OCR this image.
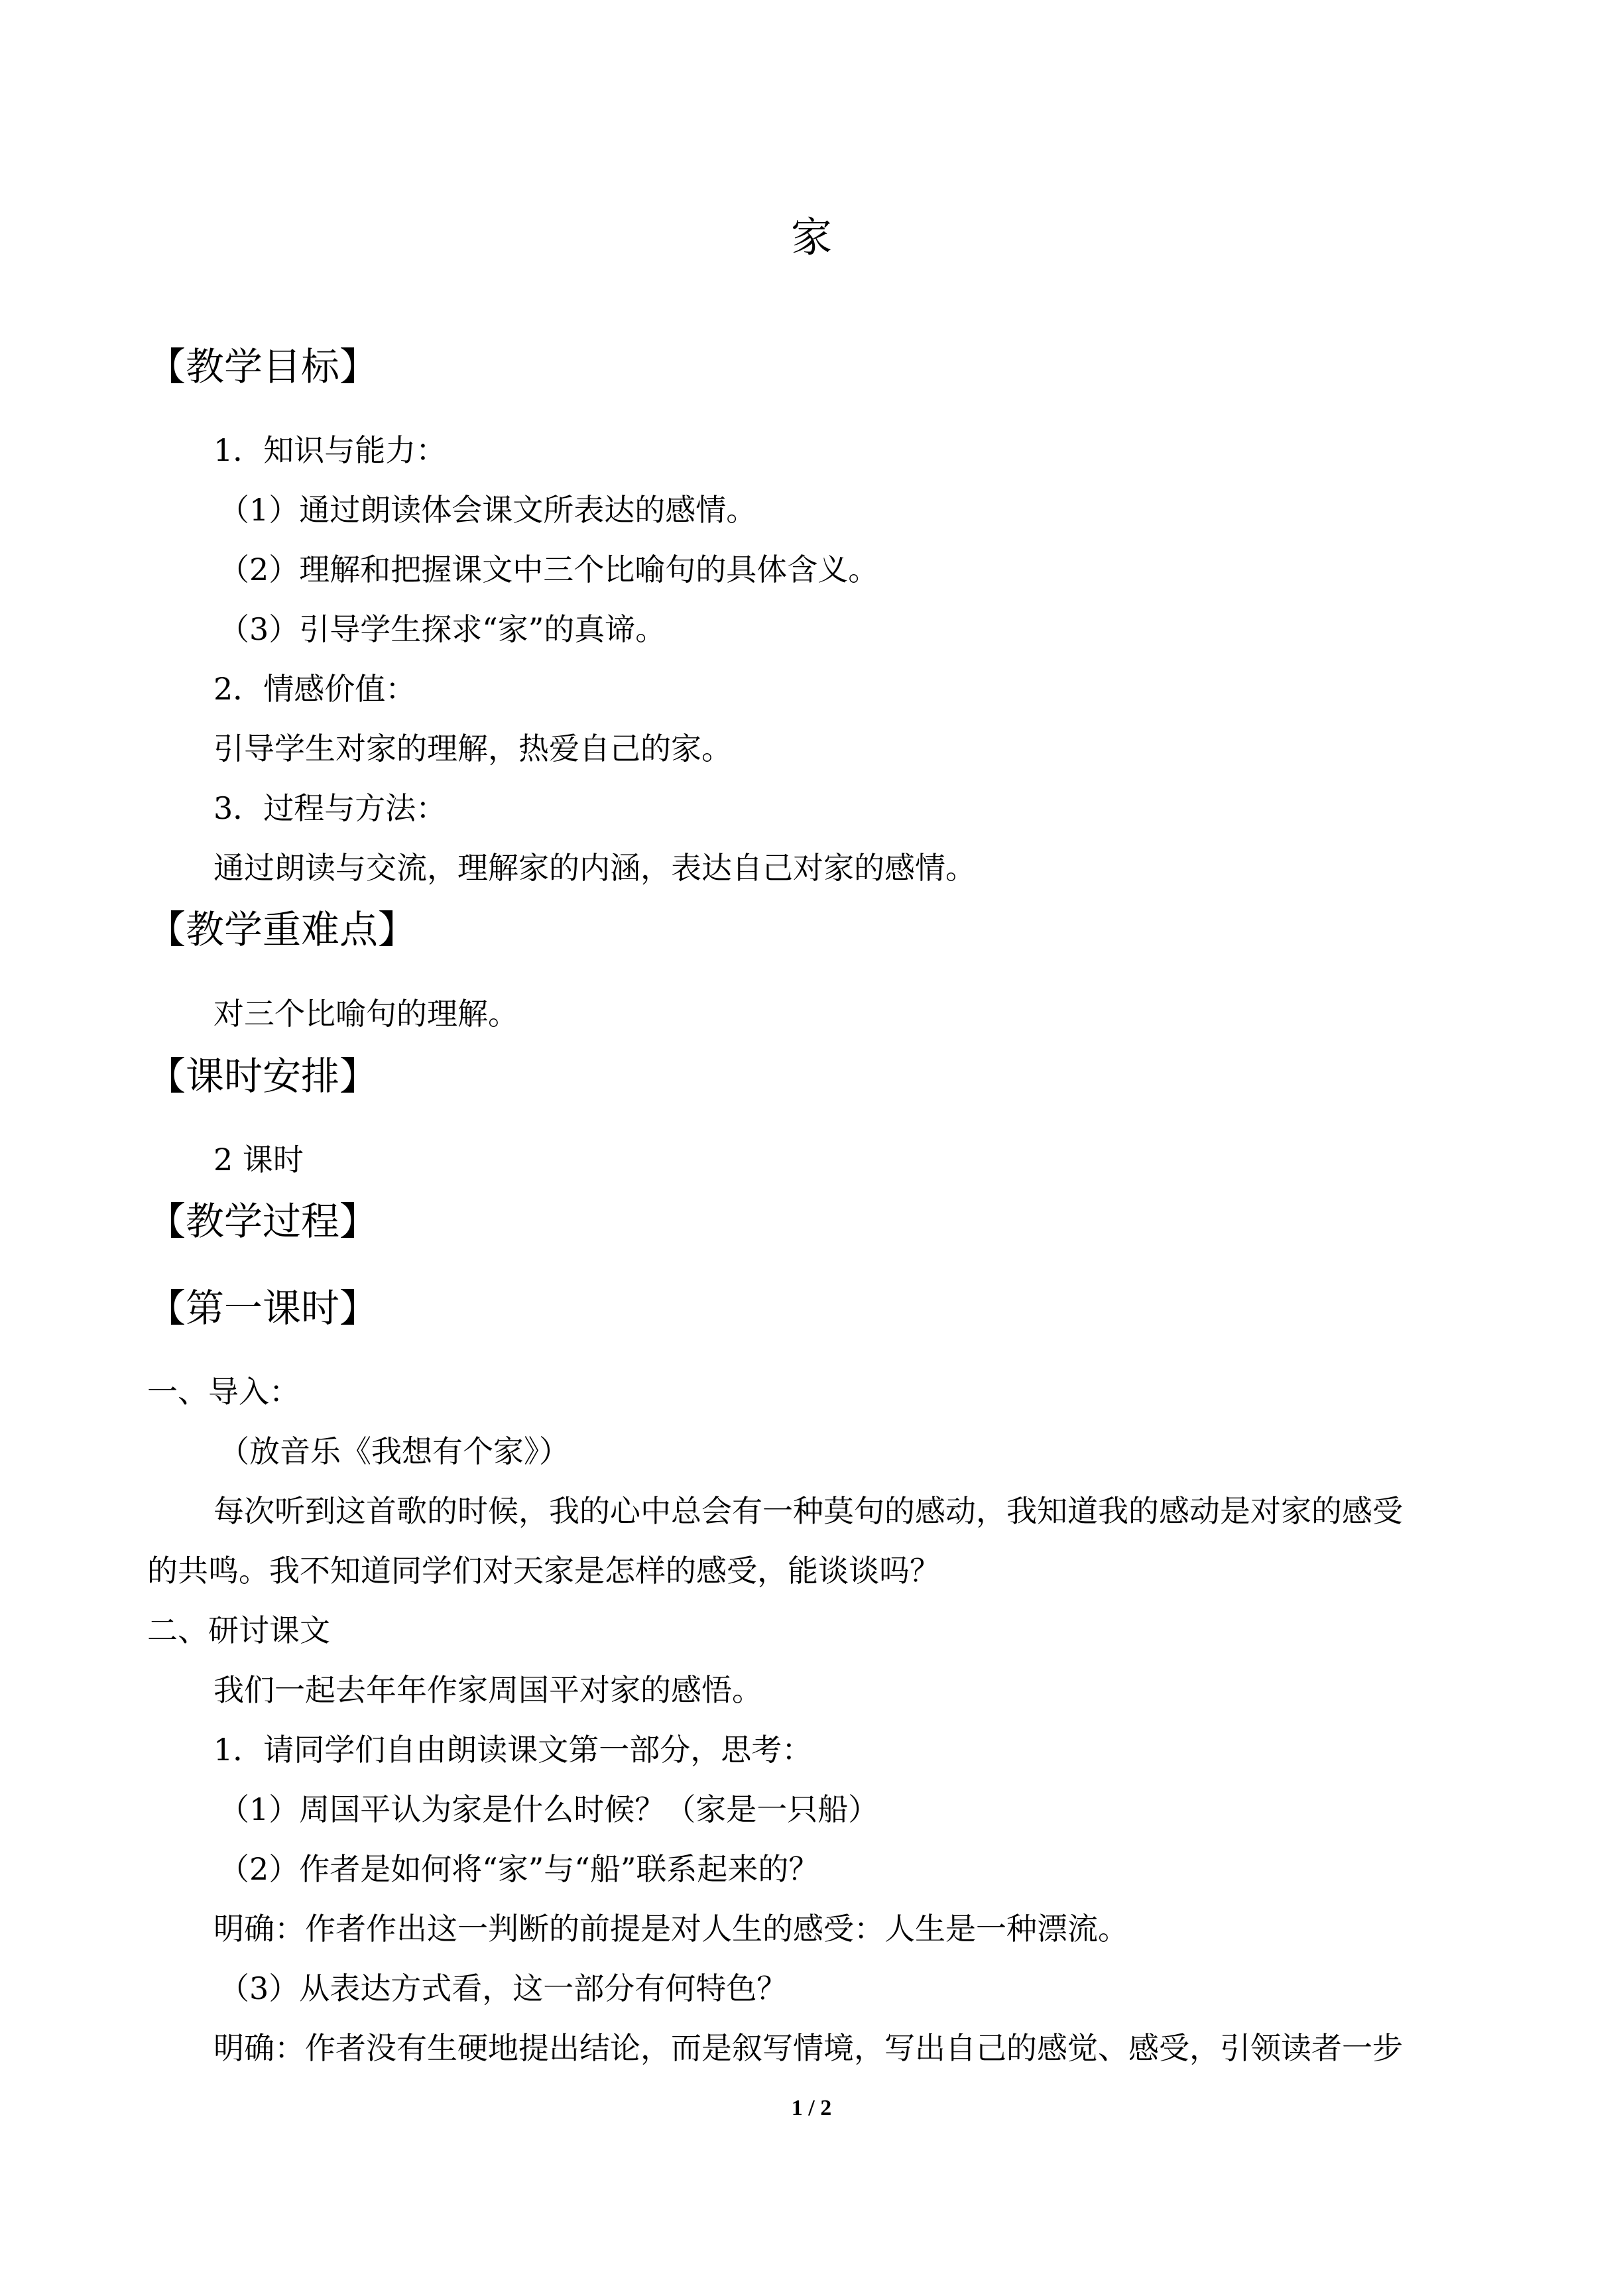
家
【教学目标】
1．知识与能力：
（1）通过朗读体会课文所表达的感情。
（2）理解和把握课文中三个比喻句的具体含义。
（3）引导学生探求“家”的真谛。
2．情感价值：
引导学生对家的理解，热爱自己的家。
3．过程与方法：
通过朗读与交流，理解家的内涵，表达自己对家的感情。
【教学重难点】
对三个比喻句的理解。
【课时安排】
2 课时
【教学过程】
【第一课时】
一、导入：
（放音乐《我想有个家》）
每次听到这首歌的时候，我的心中总会有一种莫句的感动，我知道我的感动是对家的感受
的共鸣。我不知道同学们对天家是怎样的感受，能谈谈吗？
二、研讨课文
我们一起去年年作家周国平对家的感悟。
1．请同学们自由朗读课文第一部分，思考：
（1）周国平认为家是什么时候？（家是一只船）
（2）作者是如何将“家”与“船”联系起来的？
明确：作者作出这一判断的前提是对人生的感受：人生是一种漂流。
（3）从表达方式看，这一部分有何特色？
明确：作者没有生硬地提出结论，而是叙写情境，写出自己的感觉、感受，引领读者一步
1 / 2
